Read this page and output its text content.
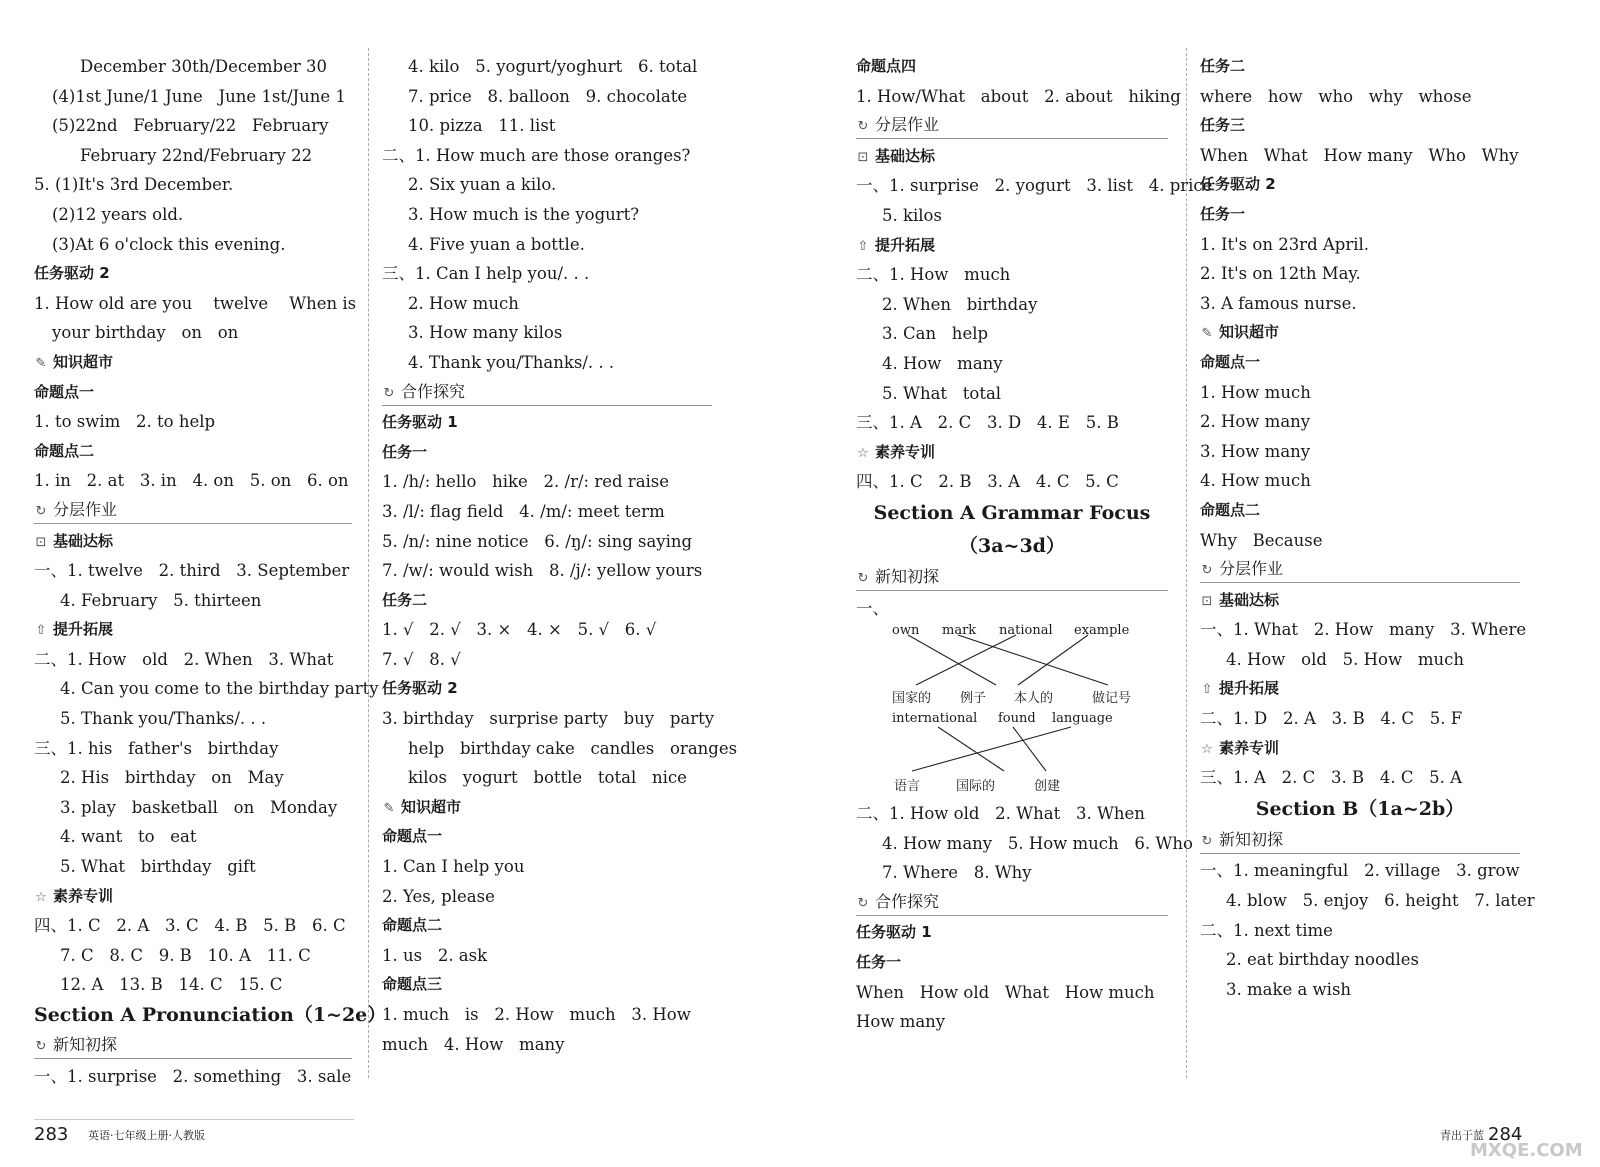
December 30th/December 30
(4)1st June/1 June   June 1st/June 1
(5)22nd   February/22   February
February 22nd/February 22
5. (1)It's 3rd December.
(2)12 years old.
(3)At 6 o'clock this evening.
任务驱动 2
1. How old are you    twelve    When is
your birthday   on   on
✎ 知识超市
命题点一
1. to swim   2. to help
命题点二
1. in   2. at   3. in   4. on   5. on   6. on
↻ 分层作业
⊡ 基础达标
一、1. twelve   2. third   3. September
4. February   5. thirteen
⇧ 提升拓展
二、1. How   old   2. When   3. What
4. Can you come to the birthday party
5. Thank you/Thanks/. . .
三、1. his   father's   birthday
2. His   birthday   on   May
3. play   basketball   on   Monday
4. want   to   eat
5. What   birthday   gift
☆ 素养专训
四、1. C   2. A   3. C   4. B   5. B   6. C
7. C   8. C   9. B   10. A   11. C
12. A   13. B   14. C   15. C
Section A Pronunciation（1~2e）
↻ 新知初探
一、1. surprise   2. something   3. sale
4. kilo   5. yogurt/yoghurt   6. total
7. price   8. balloon   9. chocolate
10. pizza   11. list
二、1. How much are those oranges?
2. Six yuan a kilo.
3. How much is the yogurt?
4. Five yuan a bottle.
三、1. Can I help you/. . .
2. How much
3. How many kilos
4. Thank you/Thanks/. . .
↻ 合作探究
任务驱动 1
任务一
1. /h/: hello   hike   2. /r/: red raise
3. /l/: flag field   4. /m/: meet term
5. /n/: nine notice   6. /ŋ/: sing saying
7. /w/: would wish   8. /j/: yellow yours
任务二
1. √   2. √   3. ×   4. ×   5. √   6. √
7. √   8. √
任务驱动 2
3. birthday   surprise party   buy   party
help   birthday cake   candles   oranges
kilos   yogurt   bottle   total   nice
✎ 知识超市
命题点一
1. Can I help you
2. Yes, please
命题点二
1. us   2. ask
命题点三
1. much   is   2. How   much   3. How
much   4. How   many
命题点四
1. How/What   about   2. about   hiking
↻ 分层作业
⊡ 基础达标
一、1. surprise   2. yogurt   3. list   4. price
5. kilos
⇧ 提升拓展
二、1. How   much
2. When   birthday
3. Can   help
4. How   many
5. What   total
三、1. A   2. C   3. D   4. E   5. B
☆ 素养专训
四、1. C   2. B   3. A   4. C   5. C
Section A Grammar Focus
（3a~3d）
↻ 新知初探
一、
own mark national example
国家的 例子 本人的	做记号
international found language
语言	国际的	创建
二、1. How old   2. What   3. When
4. How many   5. How much   6. Who
7. Where   8. Why
↻ 合作探究
任务驱动 1
任务一
When   How old   What   How much
How many
任务二
where   how   who   why   whose
任务三
When   What   How many   Who   Why
任务驱动 2
任务一
1. It's on 23rd April.
2. It's on 12th May.
3. A famous nurse.
✎ 知识超市
命题点一
1. How much
2. How many
3. How many
4. How much
命题点二
Why   Because
↻ 分层作业
⊡ 基础达标
一、1. What   2. How   many   3. Where
4. How   old   5. How   much
⇧ 提升拓展
二、1. D   2. A   3. B   4. C   5. F
☆ 素养专训
三、1. A   2. C   3. B   4. C   5. A
Section B（1a~2b）
↻ 新知初探
一、1. meaningful   2. village   3. grow
4. blow   5. enjoy   6. height   7. later
二、1. next time
2. eat birthday noodles
3. make a wish
283 英语·七年级上册·人教版	青出于蓝 284
MXQE.COM
